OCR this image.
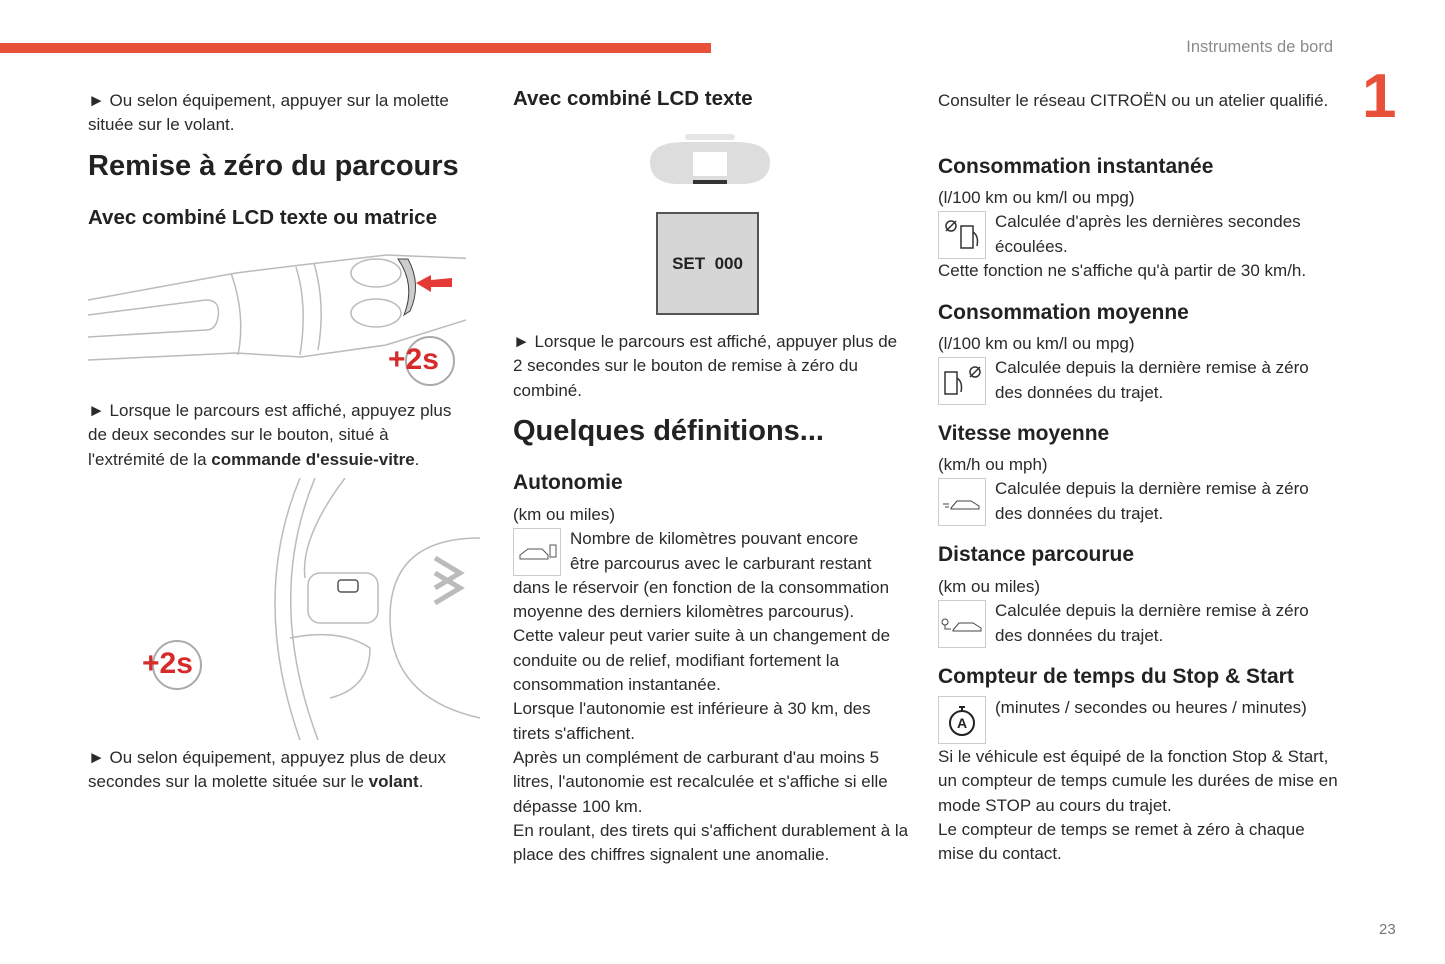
Instruments de bord
1
23
► Ou selon équipement, appuyer sur la molette située sur le volant.
Remise à zéro du parcours
Avec combiné LCD texte ou matrice
+2s
► Lorsque le parcours est affiché, appuyez plus de deux secondes sur le bouton, situé à l'extrémité de la commande d'essuie-vitre.
+2s
► Ou selon équipement, appuyez plus de deux secondes sur la molette située sur le volant.
Avec combiné LCD texte
SET  000
► Lorsque le parcours est affiché, appuyer plus de 2 secondes sur le bouton de remise à zéro du combiné.
Quelques définitions...
Autonomie
(km ou miles)
Nombre de kilomètres pouvant encore
être parcourus avec le carburant restant
dans le réservoir (en fonction de la consommation moyenne des derniers kilomètres parcourus).
Cette valeur peut varier suite à un changement de conduite ou de relief, modifiant fortement la consommation instantanée.
Lorsque l'autonomie est inférieure à 30 km, des tirets s'affichent.
Après un complément de carburant d'au moins 5 litres, l'autonomie est recalculée et s'affiche si elle dépasse 100 km.
En roulant, des tirets qui s'affichent durablement à la place des chiffres signalent une anomalie.
Consulter le réseau CITROËN ou un atelier qualifié.
Consommation instantanée
(l/100 km ou km/l ou mpg)
Calculée d'après les dernières secondes écoulées.
Cette fonction ne s'affiche qu'à partir de 30 km/h.
Consommation moyenne
(l/100 km ou km/l ou mpg)
Calculée depuis la dernière remise à zéro des données du trajet.
Vitesse moyenne
(km/h ou mph)
Calculée depuis la dernière remise à zéro des données du trajet.
Distance parcourue
(km ou miles)
Calculée depuis la dernière remise à zéro des données du trajet.
Compteur de temps du Stop & Start
(minutes / secondes ou heures / minutes)
A
Si le véhicule est équipé de la fonction Stop & Start, un compteur de temps cumule les durées de mise en mode STOP au cours du trajet.
Le compteur de temps se remet à zéro à chaque mise du contact.
